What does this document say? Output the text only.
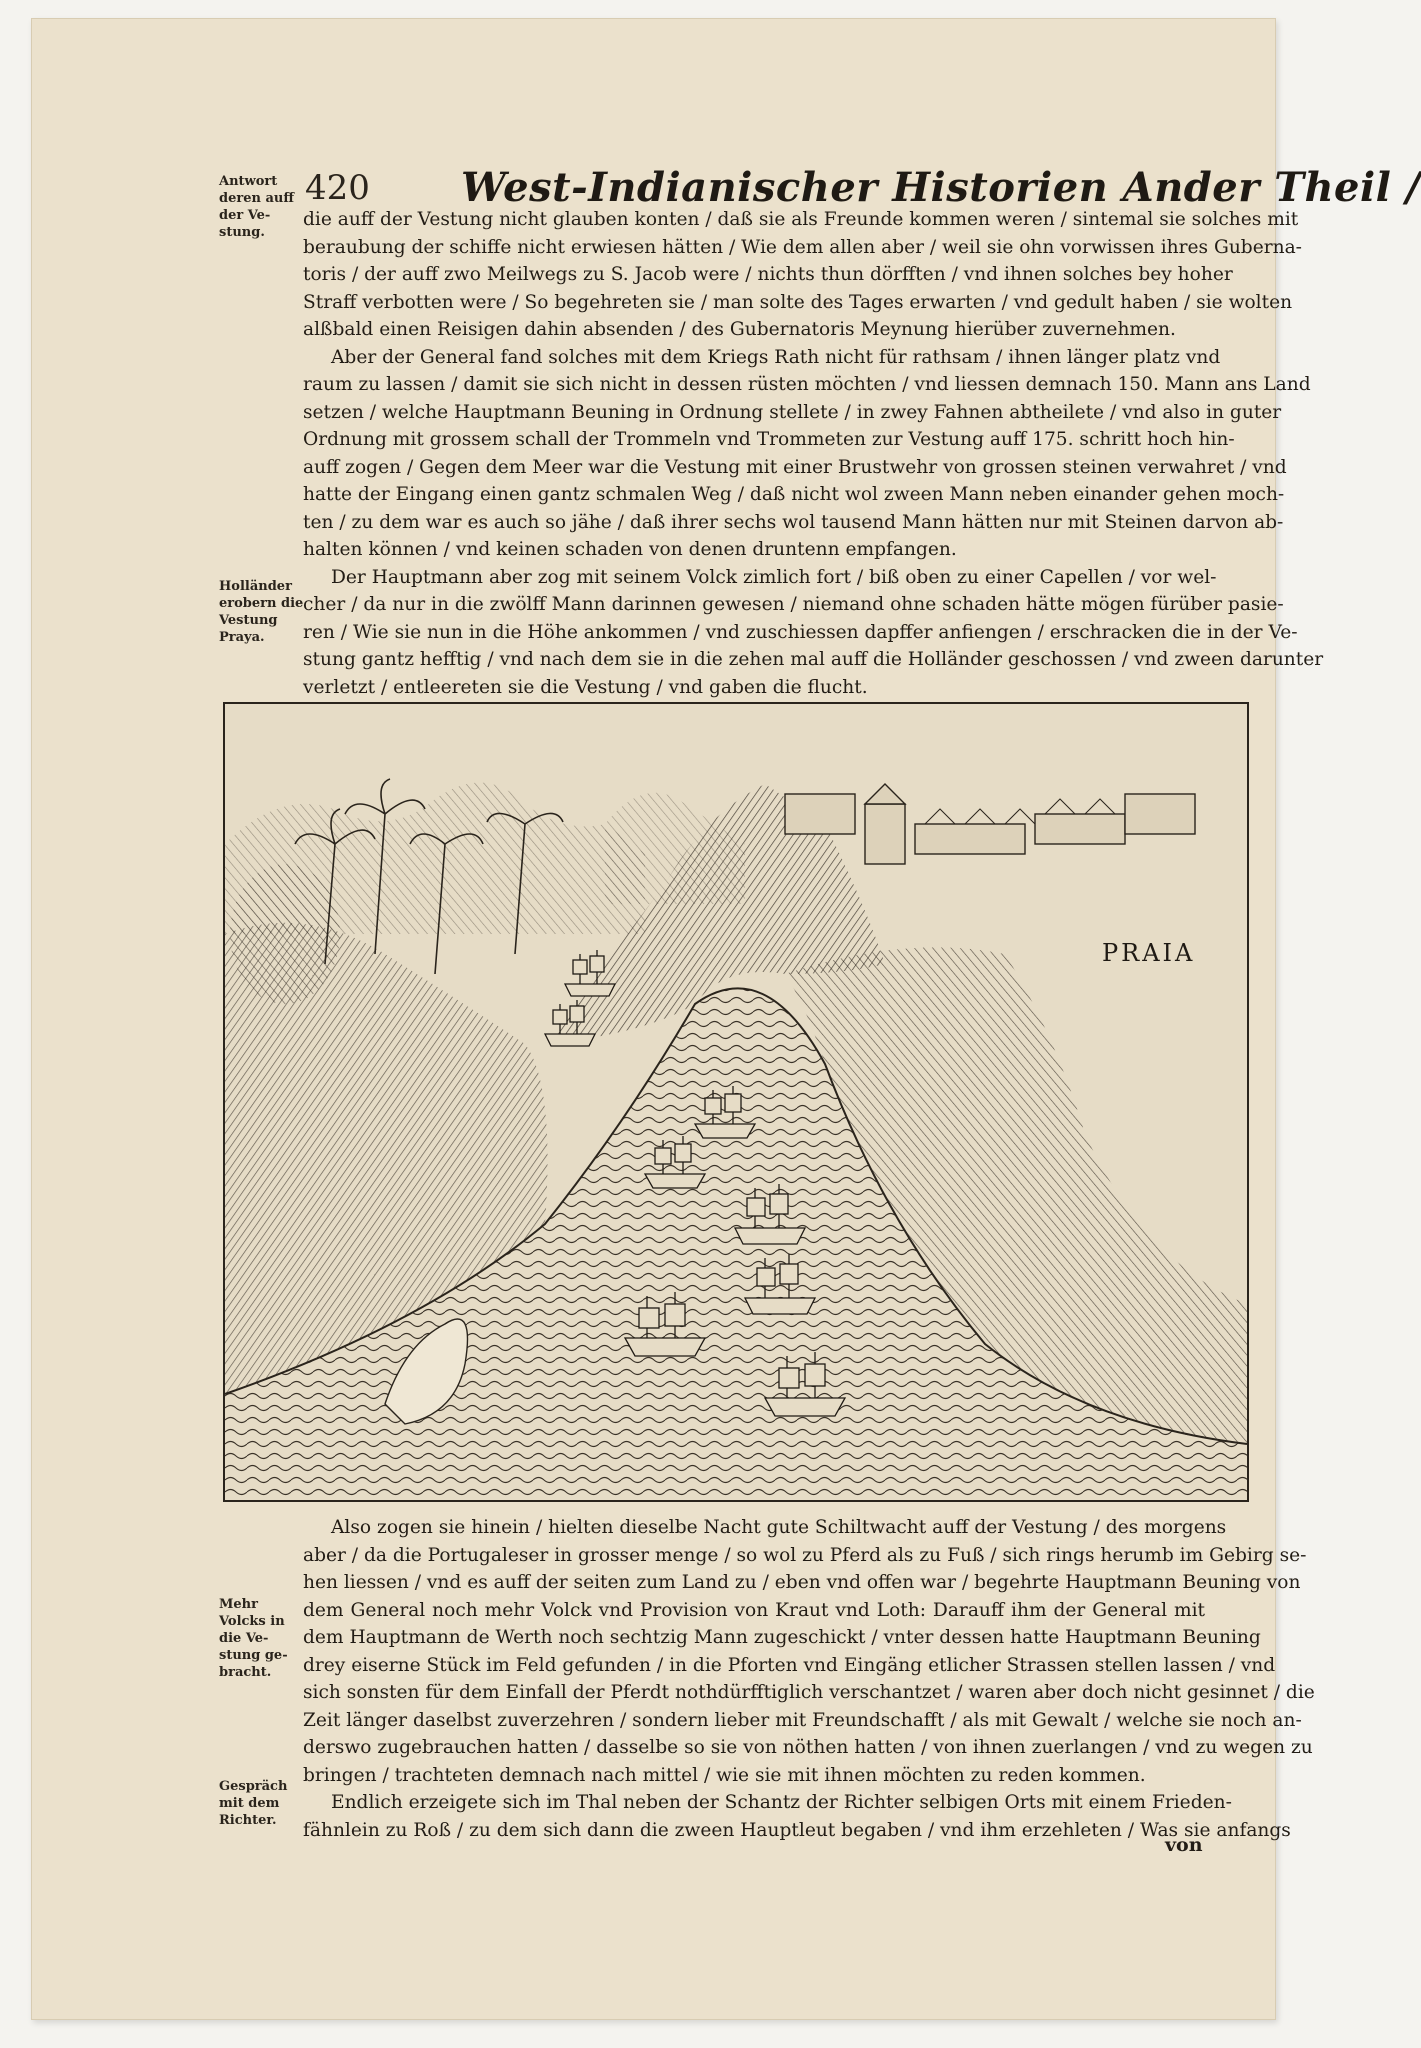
420 West-Indianischer Historien Ander Theil /
Antwort
deren auff
der Ve-
stung.
Holländer
erobern die
Vestung
Praya.
Mehr
Volcks in
die Ve-
stung ge-
bracht.
Gespräch
mit dem
Richter.
die auff der Vestung nicht glauben konten / daß sie als Freunde kommen weren / sintemal sie solches mit
beraubung der schiffe nicht erwiesen hätten / Wie dem allen aber / weil sie ohn vorwissen ihres Guberna-
toris / der auff zwo Meilwegs zu S. Jacob were / nichts thun dörfften / vnd ihnen solches bey hoher
Straff verbotten were / So begehreten sie / man solte des Tages erwarten / vnd gedult haben / sie wolten
alßbald einen Reisigen dahin absenden / des Gubernatoris Meynung hierüber zuvernehmen.
Aber der General fand solches mit dem Kriegs Rath nicht für rathsam / ihnen länger platz vnd
raum zu lassen / damit sie sich nicht in dessen rüsten möchten / vnd liessen demnach 150. Mann ans Land
setzen / welche Hauptmann Beuning in Ordnung stellete / in zwey Fahnen abtheilete / vnd also in guter
Ordnung mit grossem schall der Trommeln vnd Trommeten zur Vestung auff 175. schritt hoch hin-
auff zogen / Gegen dem Meer war die Vestung mit einer Brustwehr von grossen steinen verwahret / vnd
hatte der Eingang einen gantz schmalen Weg / daß nicht wol zween Mann neben einander gehen moch-
ten / zu dem war es auch so jähe / daß ihrer sechs wol tausend Mann hätten nur mit Steinen darvon ab-
halten können / vnd keinen schaden von denen druntenn empfangen.
Der Hauptmann aber zog mit seinem Volck zimlich fort / biß oben zu einer Capellen / vor wel-
cher / da nur in die zwölff Mann darinnen gewesen / niemand ohne schaden hätte mögen fürüber pasie-
ren / Wie sie nun in die Höhe ankommen / vnd zuschiessen dapffer anfiengen / erschracken die in der Ve-
stung gantz hefftig / vnd nach dem sie in die zehen mal auff die Holländer geschossen / vnd zween darunter
verletzt / entleereten sie die Vestung / vnd gaben die flucht.
PRAIA
Also zogen sie hinein / hielten dieselbe Nacht gute Schiltwacht auff der Vestung / des morgens
aber / da die Portugaleser in grosser menge / so wol zu Pferd als zu Fuß / sich rings herumb im Gebirg se-
hen liessen / vnd es auff der seiten zum Land zu / eben vnd offen war / begehrte Hauptmann Beuning von
dem General noch mehr Volck vnd Provision von Kraut vnd Loth: Darauff ihm der General mit
dem Hauptmann de Werth noch sechtzig Mann zugeschickt / vnter dessen hatte Hauptmann Beuning
drey eiserne Stück im Feld gefunden / in die Pforten vnd Eingäng etlicher Strassen stellen lassen / vnd
sich sonsten für dem Einfall der Pferdt nothdürfftiglich verschantzet / waren aber doch nicht gesinnet / die
Zeit länger daselbst zuverzehren / sondern lieber mit Freundschafft / als mit Gewalt / welche sie noch an-
derswo zugebrauchen hatten / dasselbe so sie von nöthen hatten / von ihnen zuerlangen / vnd zu wegen zu
bringen / trachteten demnach nach mittel / wie sie mit ihnen möchten zu reden kommen.
Endlich erzeigete sich im Thal neben der Schantz der Richter selbigen Orts mit einem Frieden-
fähnlein zu Roß / zu dem sich dann die zween Hauptleut begaben / vnd ihm erzehleten / Was sie anfangs
von
